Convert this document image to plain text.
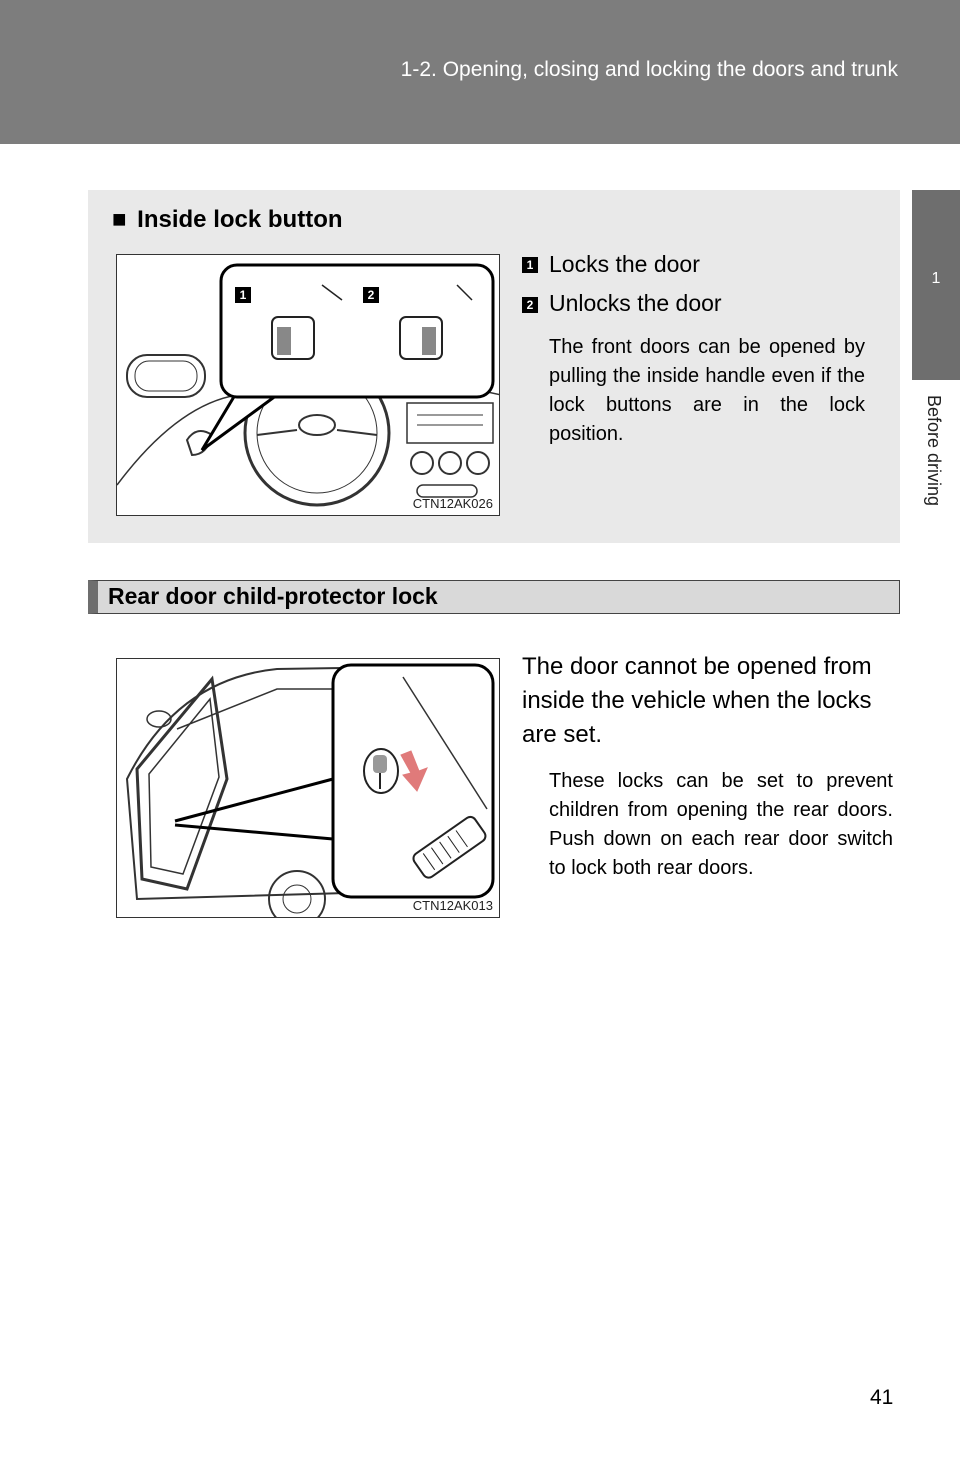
1-2. Opening, closing and locking the doors and trunk
1
Before driving
■ Inside lock button
1	2
CTN12AK026
1 Locks the door
2 Unlocks the door
The front doors can be opened by pulling the inside handle even if the lock buttons are in the lock position.
Rear door child-protector lock
CTN12AK013
The door cannot be opened from inside the vehicle when the locks are set.
These locks can be set to prevent children from opening the rear doors. Push down on each rear door switch to lock both rear doors.
41
